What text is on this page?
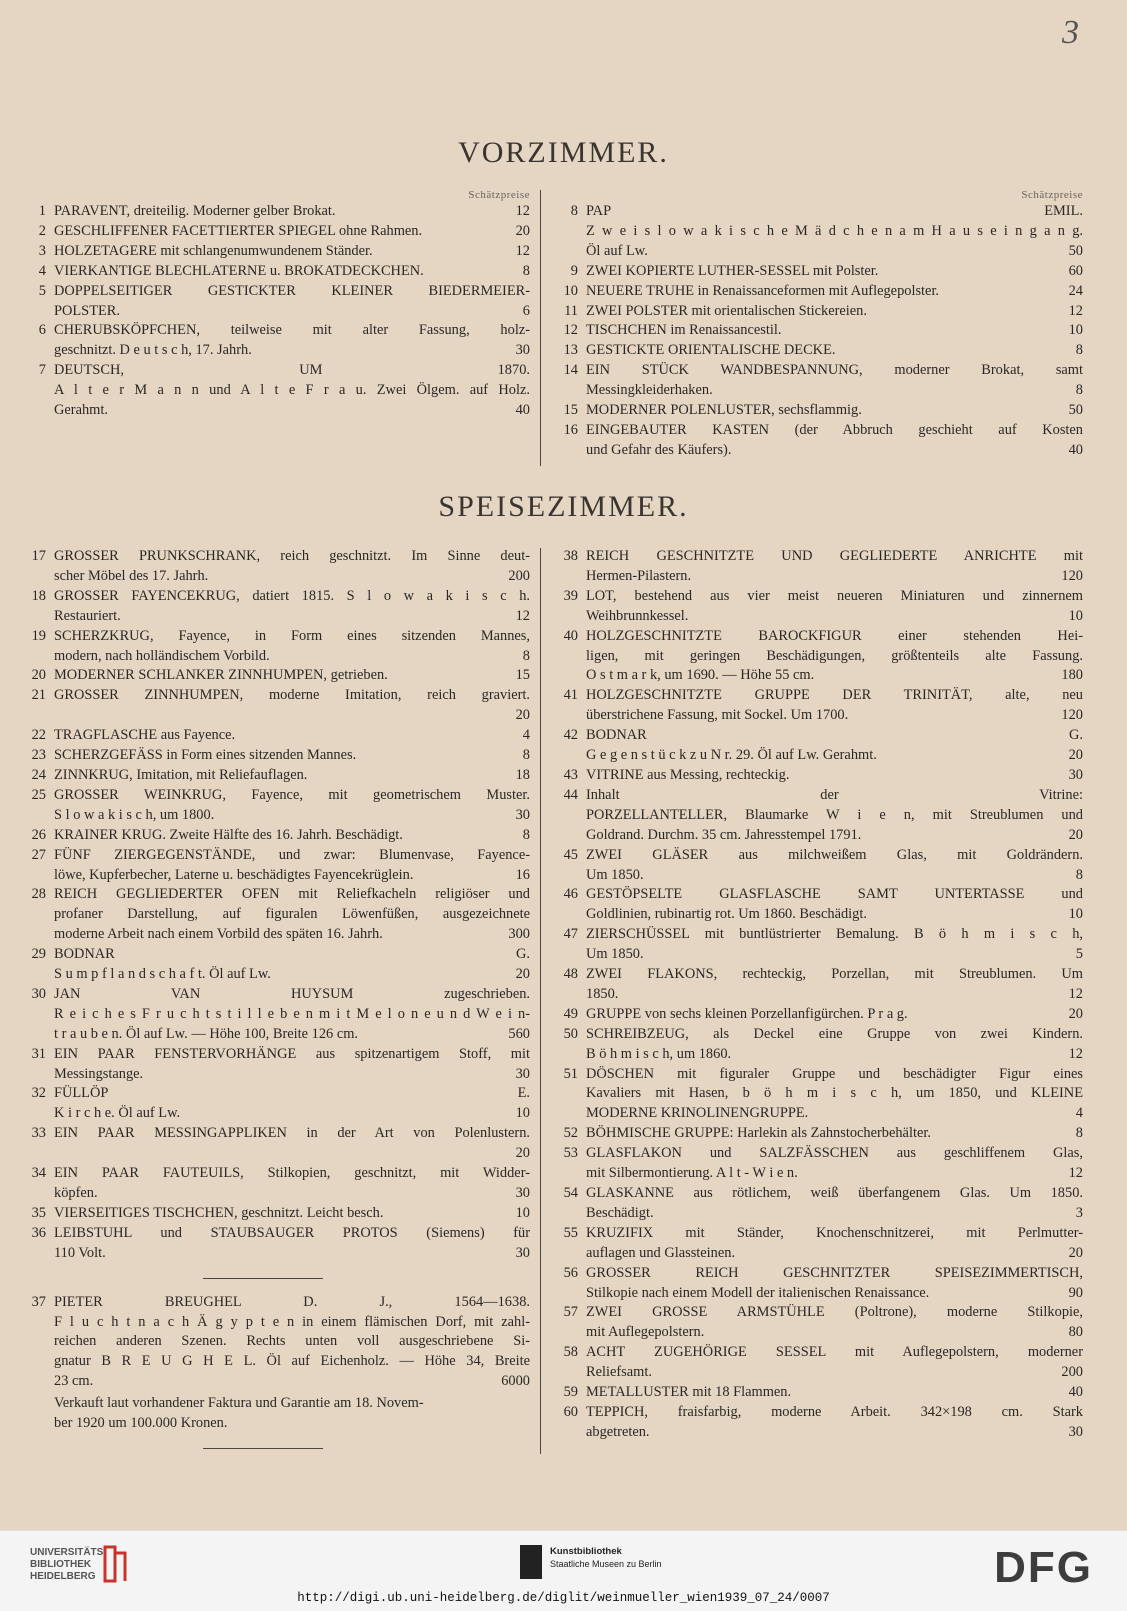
3
VORZIMMER.
Schätzpreise
1 PARAVENT, dreiteilig. Moderner gelber Brokat.	12
2 GESCHLIFFENER FACETTIERTER SPIEGEL ohne Rahmen.	20
3 HOLZETAGERE mit schlangenumwundenem Ständer.	12
4 VIERKANTIGE BLECHLATERNE u. BROKATDECKCHEN.	8
5 DOPPELSEITIGER GESTICKTER KLEINER BIEDERMEIER-
POLSTER.	6
6 CHERUBSKÖPFCHEN, teilweise mit alter Fassung, holz-
geschnitzt. D e u t s c h, 17. Jahrh.	30
7 DEUTSCH, UM 1870.
A l t e r M a n n und A l t e F r a u. Zwei Ölgem. auf Holz.
Gerahmt.	40
Schätzpreise
8 PAP EMIL.
Z w e i s l o w a k i s c h e M ä d c h e n a m H a u s e i n g a n g.
Öl auf Lw.	50
9 ZWEI KOPIERTE LUTHER-SESSEL mit Polster.	60
10 NEUERE TRUHE in Renaissanceformen mit Auflegepolster.	24
11 ZWEI POLSTER mit orientalischen Stickereien.	12
12 TISCHCHEN im Renaissancestil.	10
13 GESTICKTE ORIENTALISCHE DECKE.	8
14 EIN STÜCK WANDBESPANNUNG, moderner Brokat, samt
Messingkleiderhaken.	8
15 MODERNER POLENLUSTER, sechsflammig.	50
16 EINGEBAUTER KASTEN (der Abbruch geschieht auf Kosten
und Gefahr des Käufers).	40
SPEISEZIMMER.
17 GROSSER PRUNKSCHRANK, reich geschnitzt. Im Sinne deut-
scher Möbel des 17. Jahrh.	200
18 GROSSER FAYENCEKRUG, datiert 1815. S l o w a k i s c h.
Restauriert.	12
19 SCHERZKRUG, Fayence, in Form eines sitzenden Mannes,
modern, nach holländischem Vorbild.	8
20 MODERNER SCHLANKER ZINNHUMPEN, getrieben.	15
21 GROSSER ZINNHUMPEN, moderne Imitation, reich graviert.
20
22 TRAGFLASCHE aus Fayence.	4
23 SCHERZGEFÄSS in Form eines sitzenden Mannes.	8
24 ZINNKRUG, Imitation, mit Reliefauflagen.	18
25 GROSSER WEINKRUG, Fayence, mit geometrischem Muster.
S l o w a k i s c h, um 1800.	30
26 KRAINER KRUG. Zweite Hälfte des 16. Jahrh. Beschädigt.	8
27 FÜNF ZIERGEGENSTÄNDE, und zwar: Blumenvase, Fayence-
löwe, Kupferbecher, Laterne u. beschädigtes Fayencekrüglein.	16
28 REICH GEGLIEDERTER OFEN mit Reliefkacheln religiöser und
profaner Darstellung, auf figuralen Löwenfüßen, ausgezeichnete
moderne Arbeit nach einem Vorbild des späten 16. Jahrh.	300
29 BODNAR G.
S u m p f l a n d s c h a f t. Öl auf Lw.	20
30 JAN VAN HUYSUM zugeschrieben.
R e i c h e s F r u c h t s t i l l e b e n m i t M e l o n e u n d W e i n-
t r a u b e n. Öl auf Lw. — Höhe 100, Breite 126 cm.	560
31 EIN PAAR FENSTERVORHÄNGE aus spitzenartigem Stoff, mit
Messingstange.	30
32 FÜLLÖP E.
K i r c h e. Öl auf Lw.	10
33 EIN PAAR MESSINGAPPLIKEN in der Art von Polenlustern.
20
34 EIN PAAR FAUTEUILS, Stilkopien, geschnitzt, mit Widder-
köpfen.	30
35 VIERSEITIGES TISCHCHEN, geschnitzt. Leicht besch.	10
36 LEIBSTUHL und STAUBSAUGER PROTOS (Siemens) für
110 Volt.	30
37 PIETER BREUGHEL D. J., 1564—1638.
F l u c h t n a c h Ä g y p t e n in einem flämischen Dorf, mit zahl-
reichen anderen Szenen. Rechts unten voll ausgeschriebene Si-
gnatur B R E U G H E L. Öl auf Eichenholz. — Höhe 34, Breite
23 cm.	6000
Verkauft laut vorhandener Faktura und Garantie am 18. Novem-
ber 1920 um 100.000 Kronen.
38 REICH GESCHNITZTE UND GEGLIEDERTE ANRICHTE mit
Hermen-Pilastern.	120
39 LOT, bestehend aus vier meist neueren Miniaturen und zinnernem
Weihbrunnkessel.	10
40 HOLZGESCHNITZTE BAROCKFIGUR einer stehenden Hei-
ligen, mit geringen Beschädigungen, größtenteils alte Fassung.
O s t m a r k, um 1690. — Höhe 55 cm.	180
41 HOLZGESCHNITZTE GRUPPE DER TRINITÄT, alte, neu
überstrichene Fassung, mit Sockel. Um 1700.	120
42 BODNAR G.
G e g e n s t ü c k z u N r. 29. Öl auf Lw. Gerahmt.	20
43 VITRINE aus Messing, rechteckig.	30
44 Inhalt der Vitrine:
PORZELLANTELLER, Blaumarke W i e n, mit Streublumen und
Goldrand. Durchm. 35 cm. Jahresstempel 1791.	20
45 ZWEI GLÄSER aus milchweißem Glas, mit Goldrändern.
Um 1850.	8
46 GESTÖPSELTE GLASFLASCHE SAMT UNTERTASSE und
Goldlinien, rubinartig rot. Um 1860. Beschädigt.	10
47 ZIERSCHÜSSEL mit buntlüstrierter Bemalung. B ö h m i s c h,
Um 1850.	5
48 ZWEI FLAKONS, rechteckig, Porzellan, mit Streublumen. Um
1850.	12
49 GRUPPE von sechs kleinen Porzellanfigürchen. P r a g.	20
50 SCHREIBZEUG, als Deckel eine Gruppe von zwei Kindern.
B ö h m i s c h, um 1860.	12
51 DÖSCHEN mit figuraler Gruppe und beschädigter Figur eines
Kavaliers mit Hasen, b ö h m i s c h, um 1850, und KLEINE
MODERNE KRINOLINENGRUPPE.	4
52 BÖHMISCHE GRUPPE: Harlekin als Zahnstocherbehälter.	8
53 GLASFLAKON und SALZFÄSSCHEN aus geschliffenem Glas,
mit Silbermontierung. A l t - W i e n.	12
54 GLASKANNE aus rötlichem, weiß überfangenem Glas. Um 1850.
Beschädigt.	3
55 KRUZIFIX mit Ständer, Knochenschnitzerei, mit Perlmutter-
auflagen und Glassteinen.	20
56 GROSSER REICH GESCHNITZTER SPEISEZIMMERTISCH,
Stilkopie nach einem Modell der italienischen Renaissance.	90
57 ZWEI GROSSE ARMSTÜHLE (Poltrone), moderne Stilkopie,
mit Auflegepolstern.	80
58 ACHT ZUGEHÖRIGE SESSEL mit Auflegepolstern, moderner
Reliefsamt.	200
59 METALLUSTER mit 18 Flammen.	40
60 TEPPICH, fraisfarbig, moderne Arbeit. 342×198 cm. Stark
abgetreten.	30
UNIVERSITÄTS-
BIBLIOTHEK
HEIDELBERG
Kunstbibliothek
Staatliche Museen zu Berlin	DFG
http://digi.ub.uni-heidelberg.de/diglit/weinmueller_wien1939_07_24/0007
